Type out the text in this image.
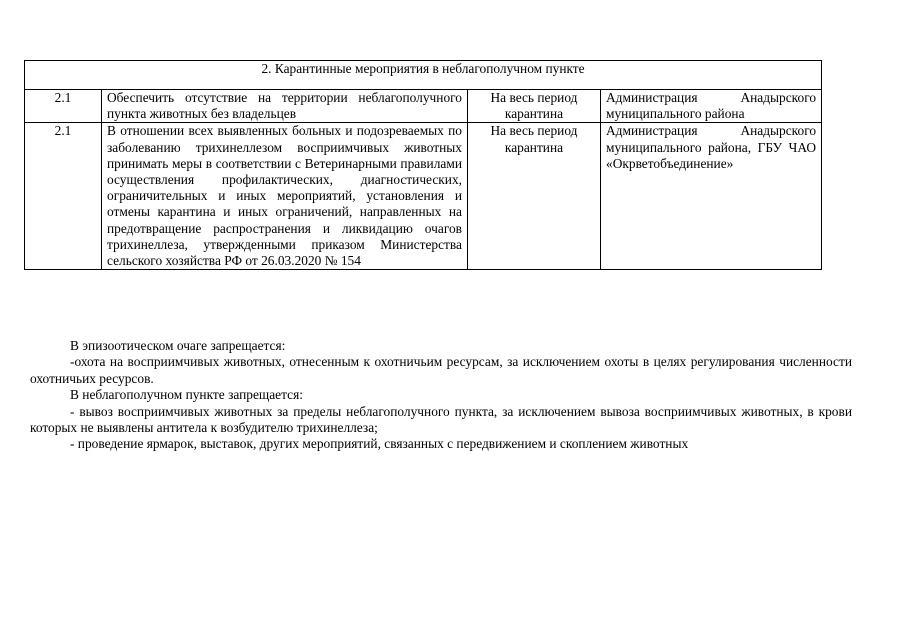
2. Карантинные мероприятия в неблагополучном пункте			
2.1	Обеспечить отсутствие на территории неблагополучного пункта животных без владельцев	На весь период карантина	Администрация Анадырского муниципального района
2.1	В отношении всех выявленных больных и подозреваемых по заболеванию трихинеллезом восприимчивых животных принимать меры в соответствии с Ветеринарными правилами осуществления профилактических, диагностических, ограничительных и иных мероприятий, установления и отмены карантина и иных ограничений, направленных на предотвращение распространения и ликвидацию очагов трихинеллеза, утвержденными приказом Министерства сельского хозяйства РФ от 26.03.2020 № 154	На весь период карантина	Администрация Анадырского муниципального района, ГБУ ЧАО «Окрветобъединение»

В эпизоотическом очаге запрещается:

-охота на восприимчивых животных, отнесенным к охотничьим ресурсам, за исключением охоты в целях регулирования численности охотничьих ресурсов.

В неблагополучном пункте запрещается:

- вывоз восприимчивых животных за пределы неблагополучного пункта, за исключением вывоза восприимчивых животных, в крови которых не выявлены антитела к возбудителю трихинеллеза;

- проведение ярмарок, выставок, других мероприятий, связанных с передвижением и скоплением животных
